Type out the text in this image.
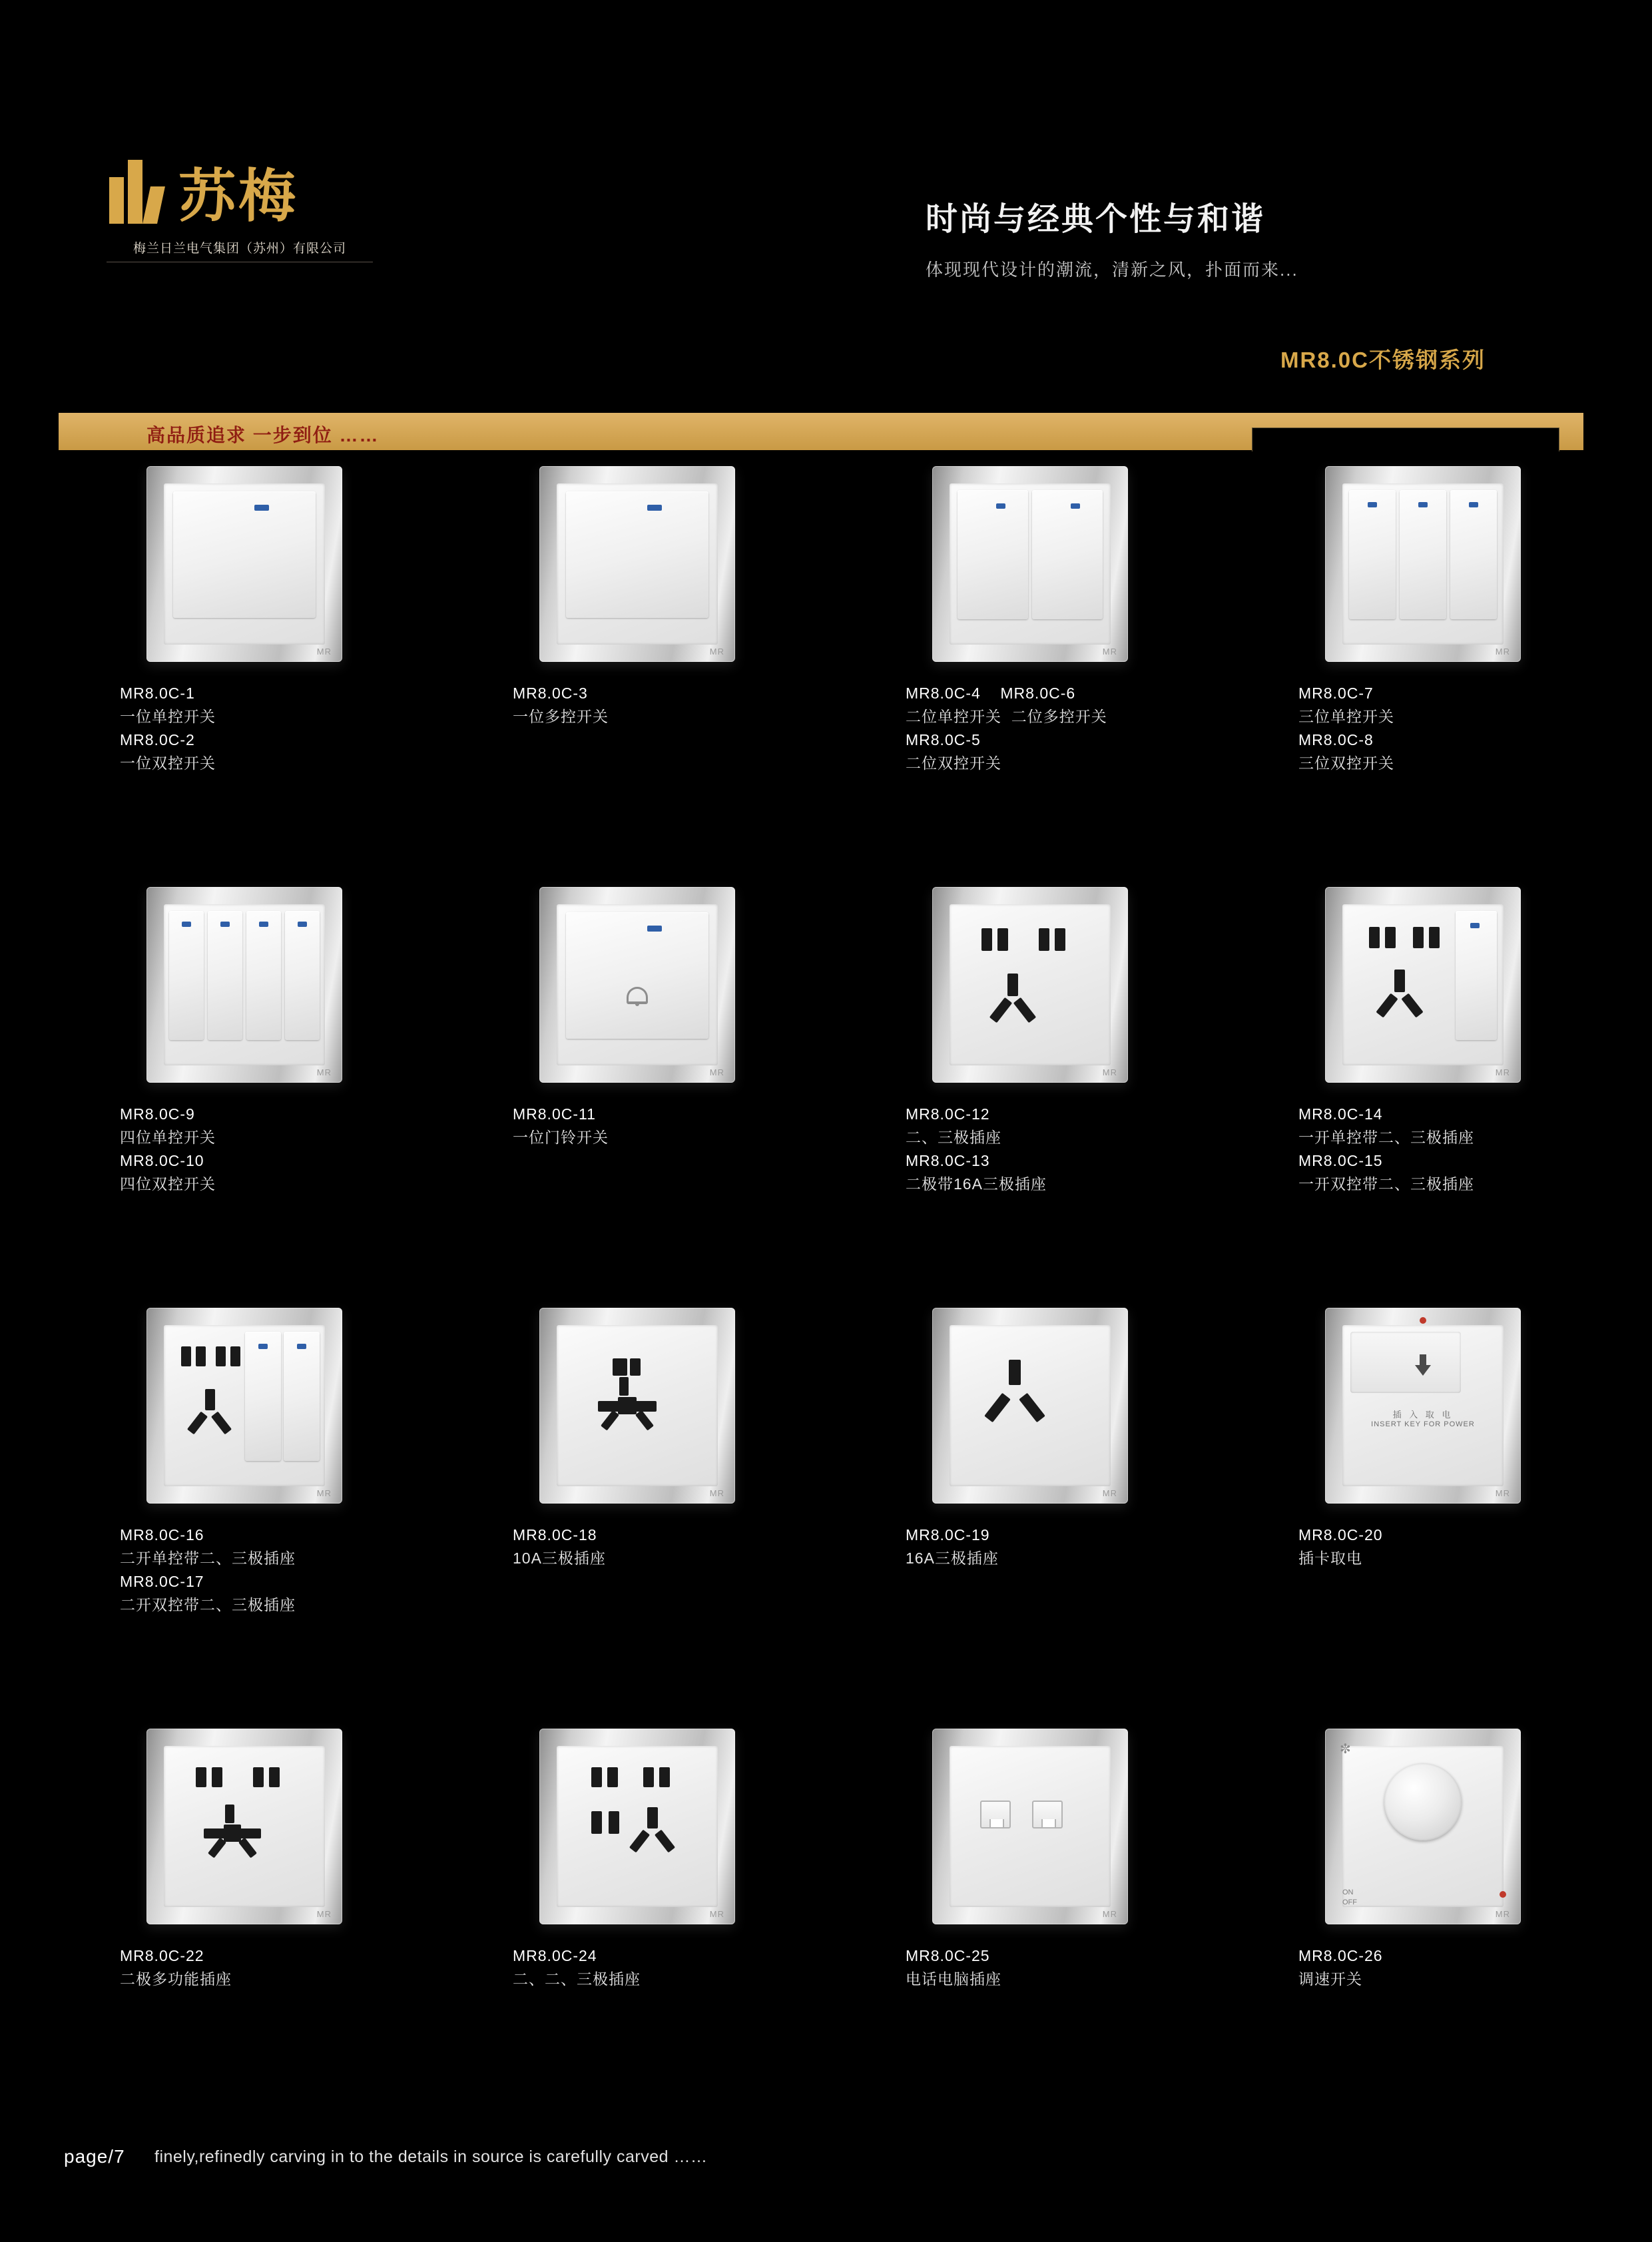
苏梅
梅兰日兰电气集团（苏州）有限公司
时尚与经典个性与和谐
体现现代设计的潮流，清新之风，扑面而来...
MR8.0C不锈钢系列
高品质追求 一步到位 ……
MR
MR8.0C-1
一位单控开关
MR8.0C-2
一位双控开关
MR
MR8.0C-3
一位多控开关
MR
MR8.0C-4    MR8.0C-6
二位单控开关  二位多控开关
MR8.0C-5
二位双控开关
MR
MR8.0C-7
三位单控开关
MR8.0C-8
三位双控开关
MR
MR8.0C-9
四位单控开关
MR8.0C-10
四位双控开关
MR
MR8.0C-11
一位门铃开关
MR
MR8.0C-12
二、三极插座
MR8.0C-13
二极带16A三极插座
MR
MR8.0C-14
一开单控带二、三极插座
MR8.0C-15
一开双控带二、三极插座
MR
MR8.0C-16
二开单控带二、三极插座
MR8.0C-17
二开双控带二、三极插座
MR
MR8.0C-18
10A三极插座
MR
MR8.0C-19
16A三极插座
插 入 取 电
INSERT KEY FOR POWER
MR
MR8.0C-20
插卡取电
MR
MR8.0C-22
二极多功能插座
MR
MR8.0C-24
二、二、三极插座
MR
MR8.0C-25
电话电脑插座
✼
ON
OFF
MR
MR8.0C-26
调速开关
page/7 finely,refinedly carving in to the details in source is carefully carved ……
